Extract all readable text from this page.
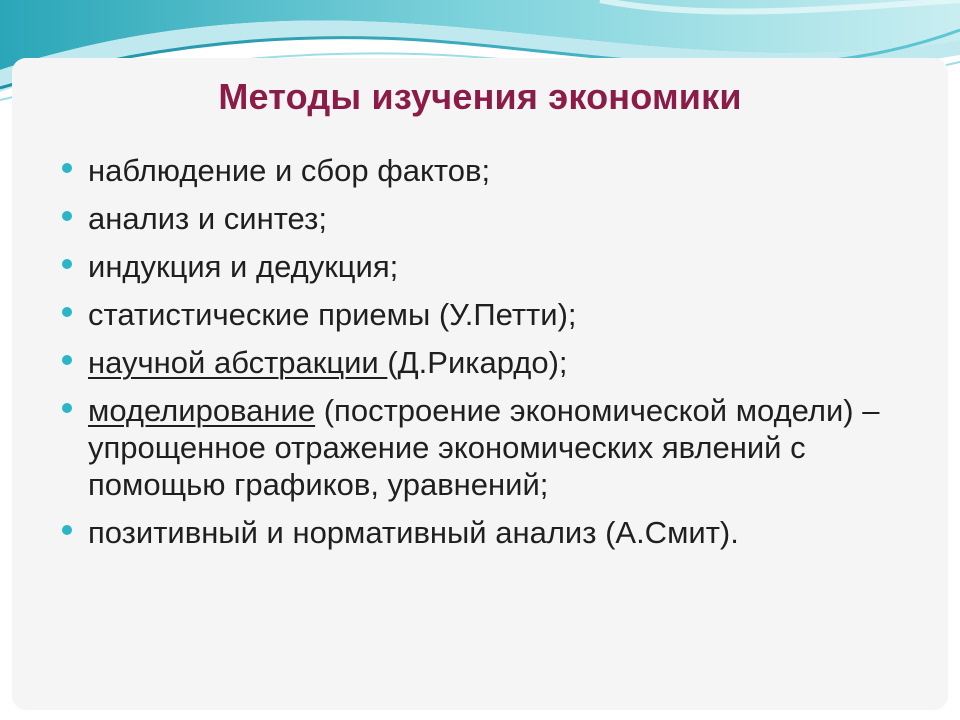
Методы изучения экономики
наблюдение и сбор фактов;
анализ и синтез;
индукция и дедукция;
статистические приемы (У.Петти);
научной абстракции (Д.Рикардо);
моделирование (построение экономической модели) – упрощенное отражение экономических явлений с помощью графиков, уравнений;
позитивный и нормативный анализ (А.Смит).
